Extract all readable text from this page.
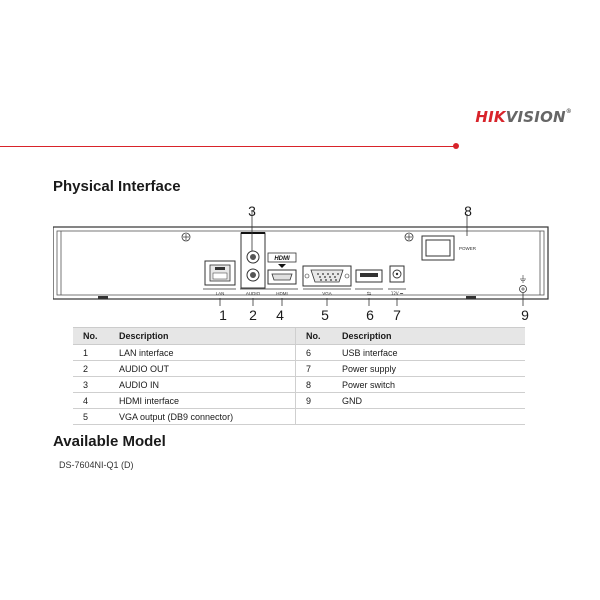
HIKVISION®
Physical Interface
3	8
1	2	4	5	6	7	9
LAN	AUDIO
HDMI
HDMI	VGA	⇆	12V ⎓
POWER
No.	Description	No.	Description
1	LAN interface	6	USB interface
2	AUDIO OUT	7	Power supply
3	AUDIO IN	8	Power switch
4	HDMI interface	9	GND
5	VGA output (DB9 connector)		
Available Model
DS-7604NI-Q1 (D)
